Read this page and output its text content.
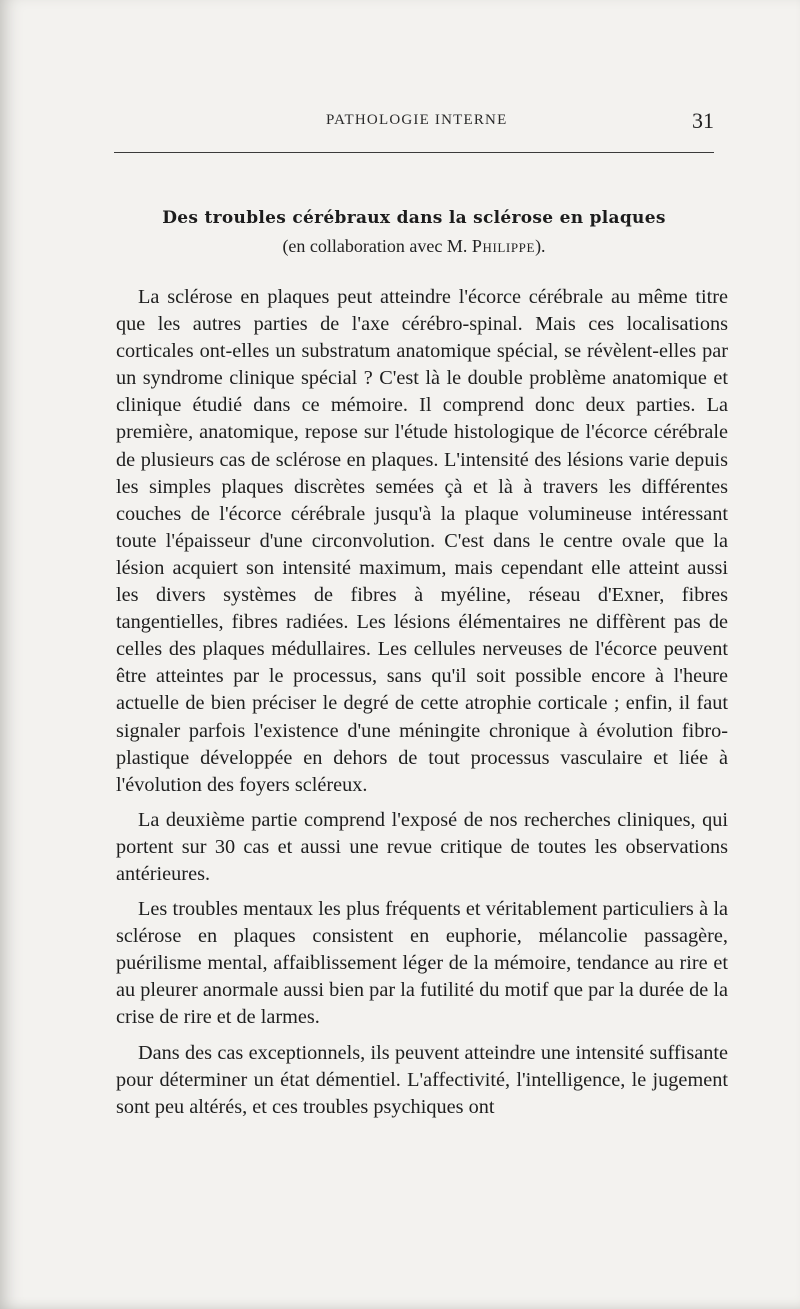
PATHOLOGIE INTERNE	31
Des troubles cérébraux dans la sclérose en plaques
(en collaboration avec M. Philippe).

La sclérose en plaques peut atteindre l'écorce cérébrale au même titre que les autres parties de l'axe cérébro-spinal. Mais ces localisations corticales ont-elles un substratum anatomique spécial, se révèlent-elles par un syndrome clinique spécial ? C'est là le double problème anatomique et clinique étudié dans ce mémoire. Il comprend donc deux parties. La première, anatomique, repose sur l'étude histologique de l'écorce cérébrale de plusieurs cas de sclérose en plaques. L'intensité des lésions varie depuis les simples plaques discrètes semées çà et là à travers les différentes couches de l'écorce cérébrale jusqu'à la plaque volumineuse intéressant toute l'épaisseur d'une circonvolution. C'est dans le centre ovale que la lésion acquiert son intensité maximum, mais cependant elle atteint aussi les divers systèmes de fibres à myéline, réseau d'Exner, fibres tangentielles, fibres radiées. Les lésions élémentaires ne diffèrent pas de celles des plaques médullaires. Les cellules nerveuses de l'écorce peuvent être atteintes par le processus, sans qu'il soit possible encore à l'heure actuelle de bien préciser le degré de cette atrophie corticale ; enfin, il faut signaler parfois l'existence d'une méningite chronique à évolution fibro-plastique développée en dehors de tout processus vasculaire et liée à l'évolution des foyers scléreux.

La deuxième partie comprend l'exposé de nos recherches cliniques, qui portent sur 30 cas et aussi une revue critique de toutes les observations antérieures.

Les troubles mentaux les plus fréquents et véritablement particuliers à la sclérose en plaques consistent en euphorie, mélancolie passagère, puérilisme mental, affaiblissement léger de la mémoire, tendance au rire et au pleurer anormale aussi bien par la futilité du motif que par la durée de la crise de rire et de larmes.

Dans des cas exceptionnels, ils peuvent atteindre une intensité suffisante pour déterminer un état démentiel. L'affectivité, l'intelligence, le jugement sont peu altérés, et ces troubles psychiques ont
